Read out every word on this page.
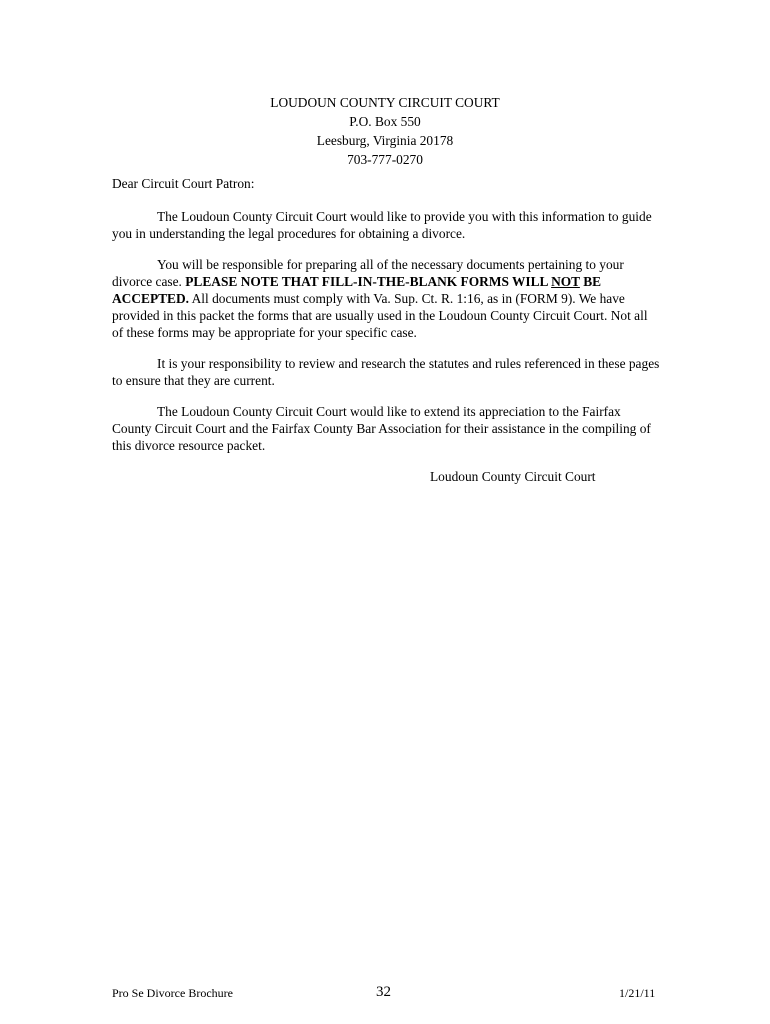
LOUDOUN COUNTY CIRCUIT COURT
P.O. Box 550
Leesburg, Virginia 20178
703-777-0270
Dear Circuit Court Patron:

The Loudoun County Circuit Court would like to provide you with this information to guide you in understanding the legal procedures for obtaining a divorce.

You will be responsible for preparing all of the necessary documents pertaining to your divorce case. PLEASE NOTE THAT FILL-IN-THE-BLANK FORMS WILL NOT BE ACCEPTED. All documents must comply with Va. Sup. Ct. R. 1:16, as in (FORM 9). We have provided in this packet the forms that are usually used in the Loudoun County Circuit Court. Not all of these forms may be appropriate for your specific case.

It is your responsibility to review and research the statutes and rules referenced in these pages to ensure that they are current.

The Loudoun County Circuit Court would like to extend its appreciation to the Fairfax County Circuit Court and the Fairfax County Bar Association for their assistance in the compiling of this divorce resource packet.

Loudoun County Circuit Court
Pro Se Divorce Brochure	32	1/21/11
